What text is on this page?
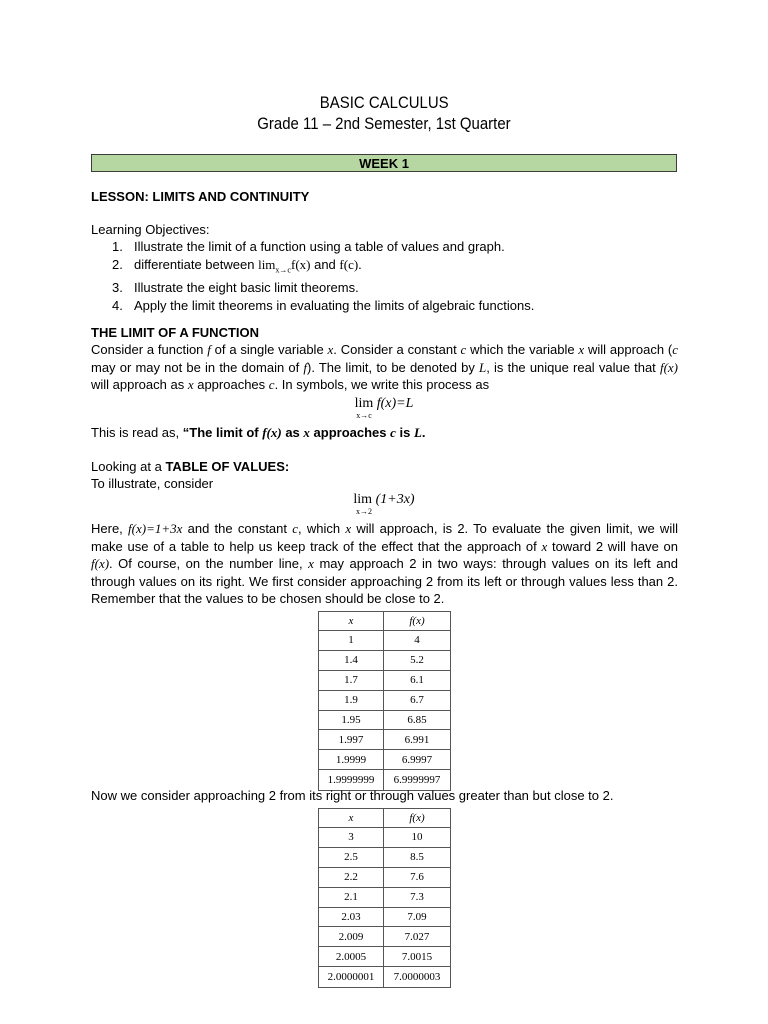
BASIC CALCULUS
Grade 11 – 2nd Semester, 1st Quarter
WEEK 1
LESSON: LIMITS AND CONTINUITY
Learning Objectives:
1. Illustrate the limit of a function using a table of values and graph.
2. differentiate between $\lim_{x\to c}f(x)$ and f(c).
3. Illustrate the eight basic limit theorems.
4. Apply the limit theorems in evaluating the limits of algebraic functions.
THE LIMIT OF A FUNCTION
Consider a function f of a single variable x. Consider a constant c which the variable x will approach (c may or may not be in the domain of f). The limit, to be denoted by L, is the unique real value that f(x) will approach as x approaches c. In symbols, we write this process as
lim f(x)=L
x→c
This is read as, “The limit of f(x) as x approaches c is L.
Looking at a TABLE OF VALUES:
To illustrate, consider
lim (1+3x)
x→2
Here, f(x)=1+3x and the constant c, which x will approach, is 2. To evaluate the given limit, we will make use of a table to help us keep track of the effect that the approach of x toward 2 will have on f(x). Of course, on the number line, x may approach 2 in two ways: through values on its left and through values on its right. We first consider approaching 2 from its left or through values less than 2. Remember that the values to be chosen should be close to 2.
x	f(x)
1	4
1.4	5.2
1.7	6.1
1.9	6.7
1.95	6.85
1.997	6.991
1.9999	6.9997
1.9999999	6.9999997
Now we consider approaching 2 from its right or through values greater than but close to 2.
x	f(x)
3	10
2.5	8.5
2.2	7.6
2.1	7.3
2.03	7.09
2.009	7.027
2.0005	7.0015
2.0000001	7.0000003
